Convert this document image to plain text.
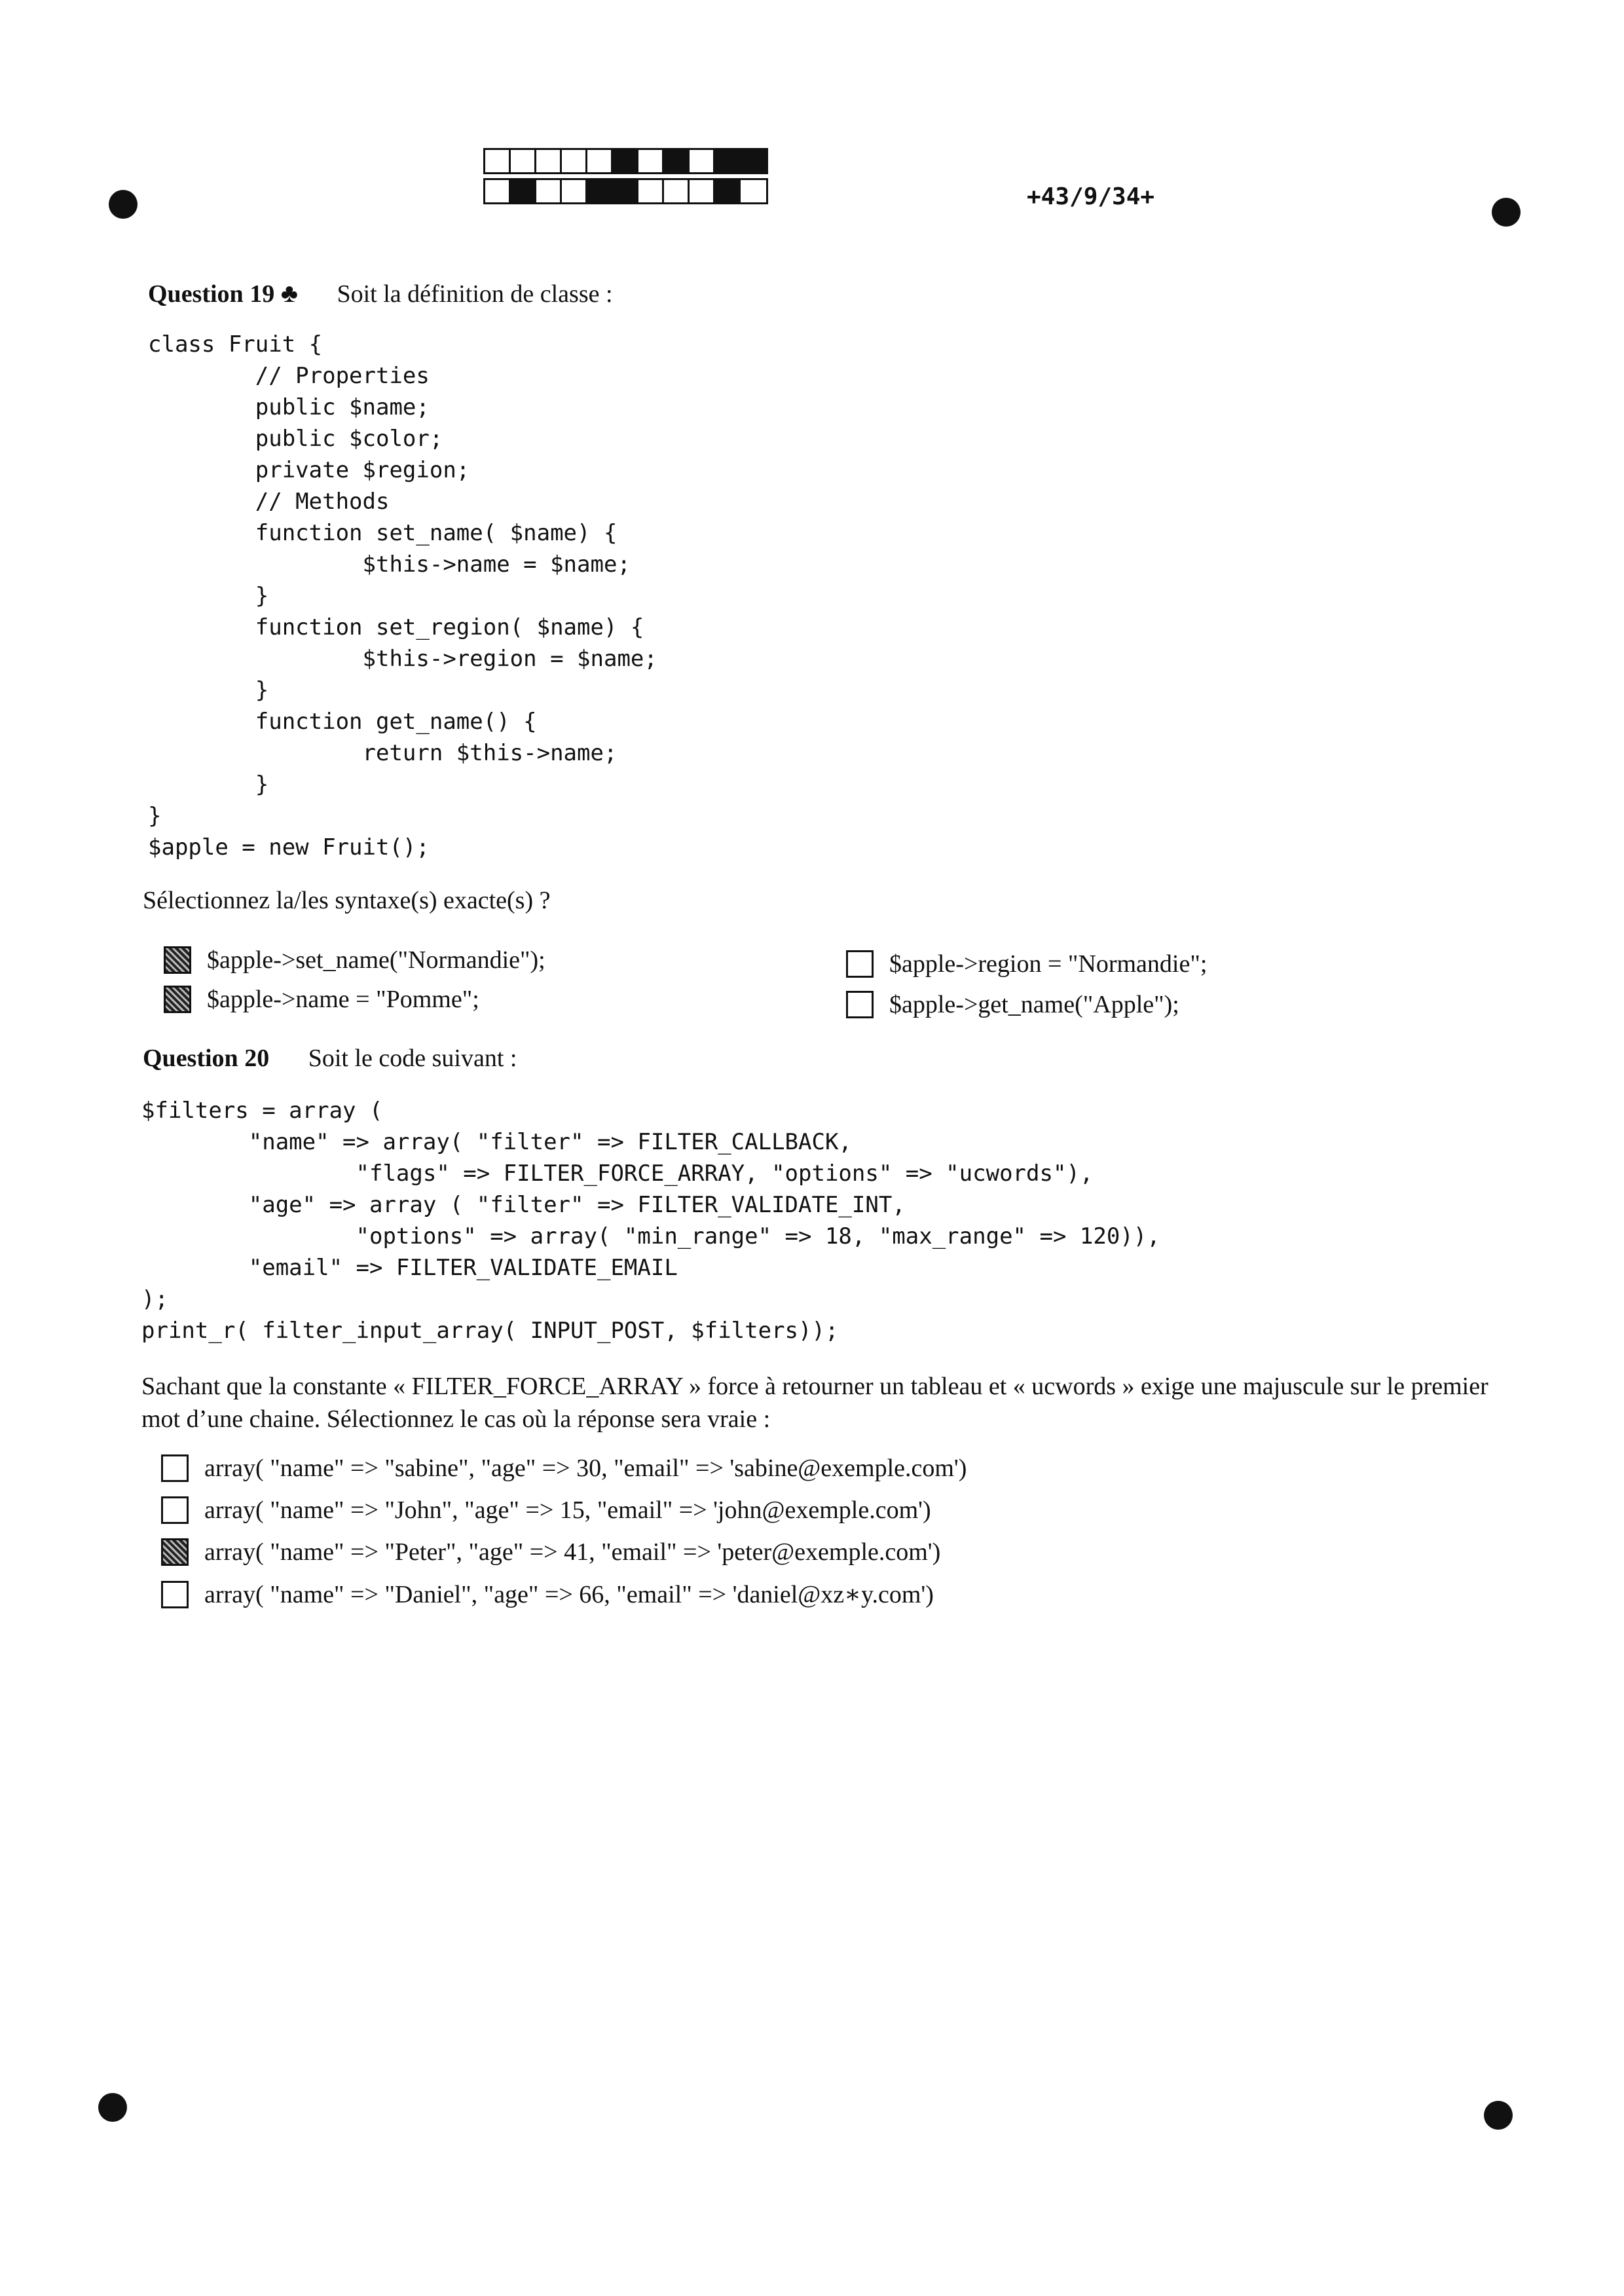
+43/9/34+
Question 19 ♣ Soit la définition de classe :
class Fruit {
// Properties
public $name;
public $color;
private $region;
// Methods
function set_name( $name) {
$this->name = $name;
}
function set_region( $name) {
$this->region = $name;
}
function get_name() {
return $this->name;
}
}
$apple = new Fruit();
Sélectionnez la/les syntaxe(s) exacte(s) ?
$apple->set_name("Normandie");
$apple->name = "Pomme";
$apple->region = "Normandie";
$apple->get_name("Apple");
Question 20 Soit le code suivant :
$filters = array (
"name" => array( "filter" => FILTER_CALLBACK,
"flags" => FILTER_FORCE_ARRAY, "options" => "ucwords"),
"age" => array ( "filter" => FILTER_VALIDATE_INT,
"options" => array( "min_range" => 18, "max_range" => 120)),
"email" => FILTER_VALIDATE_EMAIL
);
print_r( filter_input_array( INPUT_POST, $filters));
Sachant que la constante « FILTER_FORCE_ARRAY » force à retourner un tableau et « ucwords » exige une majuscule sur le premier mot d’une chaine. Sélectionnez le cas où la réponse sera vraie :
array( "name" => "sabine", "age" => 30, "email" => 'sabine@exemple.com')
array( "name" => "John", "age" => 15, "email" => 'john@exemple.com')
array( "name" => "Peter", "age" => 41, "email" => 'peter@exemple.com')
array( "name" => "Daniel", "age" => 66, "email" => 'daniel@xz∗y.com')
